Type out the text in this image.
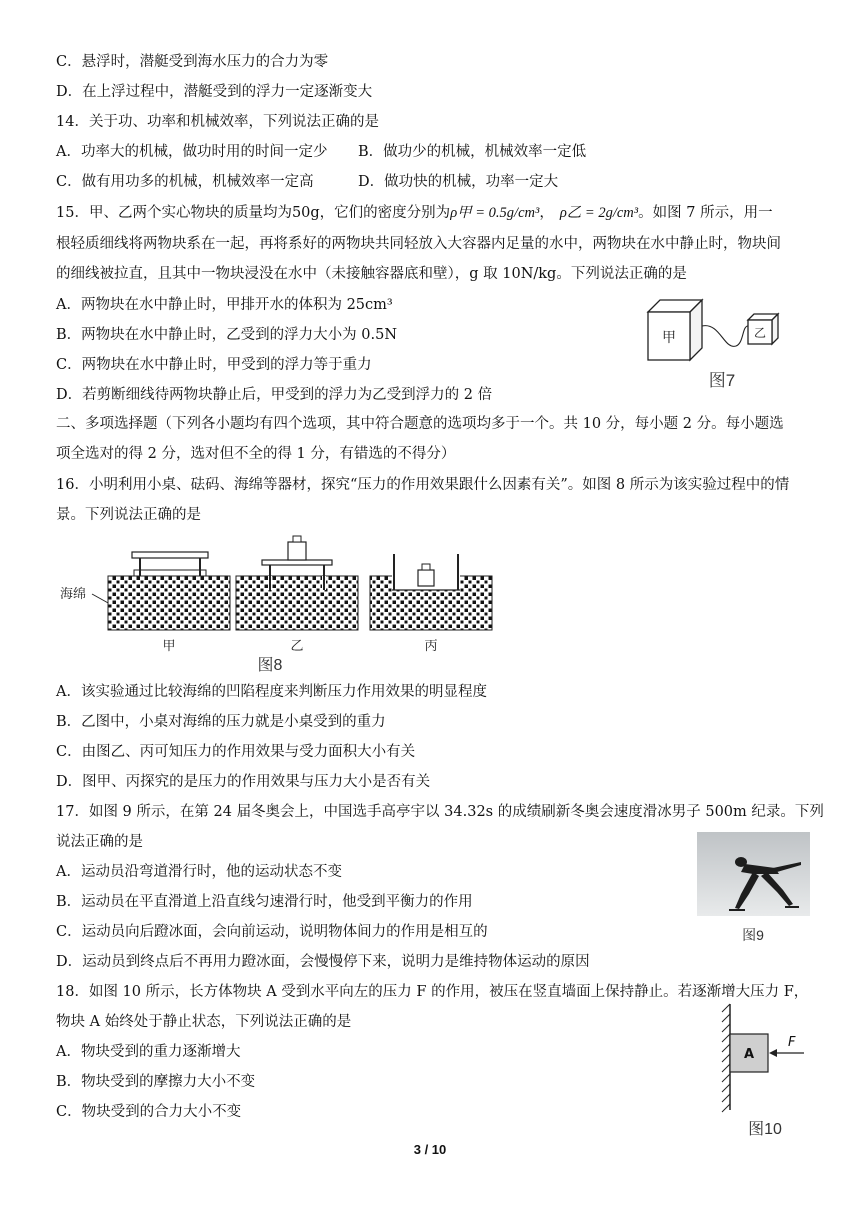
C．悬浮时，潜艇受到海水压力的合力为零
D．在上浮过程中，潜艇受到的浮力一定逐渐变大
14．关于功、功率和机械效率，下列说法正确的是
A．功率大的机械，做功时用的时间一定少 B．做功少的机械，机械效率一定低
C．做有用功多的机械，机械效率一定高	D．做功快的机械，功率一定大
15．甲、乙两个实心物块的质量均为50g，它们的密度分别为ρ甲 = 0.5g/cm³， ρ乙 = 2g/cm³。如图 7 所示，用一
根轻质细线将两物块系在一起，再将系好的两物块共同轻放入大容器内足量的水中，两物块在水中静止时，物块间
的细线被拉直，且其中一物块浸没在水中（未接触容器底和壁），g 取 10N/kg。下列说法正确的是
A．两物块在水中静止时，甲排开水的体积为 25cm³
B．两物块在水中静止时，乙受到的浮力大小为 0.5N
C．两物块在水中静止时，甲受到的浮力等于重力
D．若剪断细线待两物块静止后，甲受到的浮力为乙受到浮力的 2 倍
甲	乙
图7
二、多项选择题（下列各小题均有四个选项，其中符合题意的选项均多于一个。共 10 分，每小题 2 分。每小题选
项全选对的得 2 分，选对但不全的得 1 分，有错选的不得分）
16．小明利用小桌、砝码、海绵等器材，探究“压力的作用效果跟什么因素有关”。如图 8 所示为该实验过程中的情
景。下列说法正确的是
海绵
甲	乙	丙
图8
A．该实验通过比较海绵的凹陷程度来判断压力作用效果的明显程度
B．乙图中，小桌对海绵的压力就是小桌受到的重力
C．由图乙、丙可知压力的作用效果与受力面积大小有关
D．图甲、丙探究的是压力的作用效果与压力大小是否有关
17．如图 9 所示，在第 24 届冬奥会上，中国选手高亭宇以 34.32s 的成绩刷新冬奥会速度滑冰男子 500m 纪录。下列
说法正确的是
A．运动员沿弯道滑行时，他的运动状态不变
B．运动员在平直滑道上沿直线匀速滑行时，他受到平衡力的作用
C．运动员向后蹬冰面，会向前运动，说明物体间力的作用是相互的
D．运动员到终点后不再用力蹬冰面，会慢慢停下来，说明力是维持物体运动的原因
图9
18．如图 10 所示，长方体物块 A 受到水平向左的压力 F 的作用，被压在竖直墙面上保持静止。若逐渐增大压力 F，
物块 A 始终处于静止状态，下列说法正确的是
A．物块受到的重力逐渐增大
B．物块受到的摩擦力大小不变
C．物块受到的合力大小不变
A
F
图10
3 / 10
